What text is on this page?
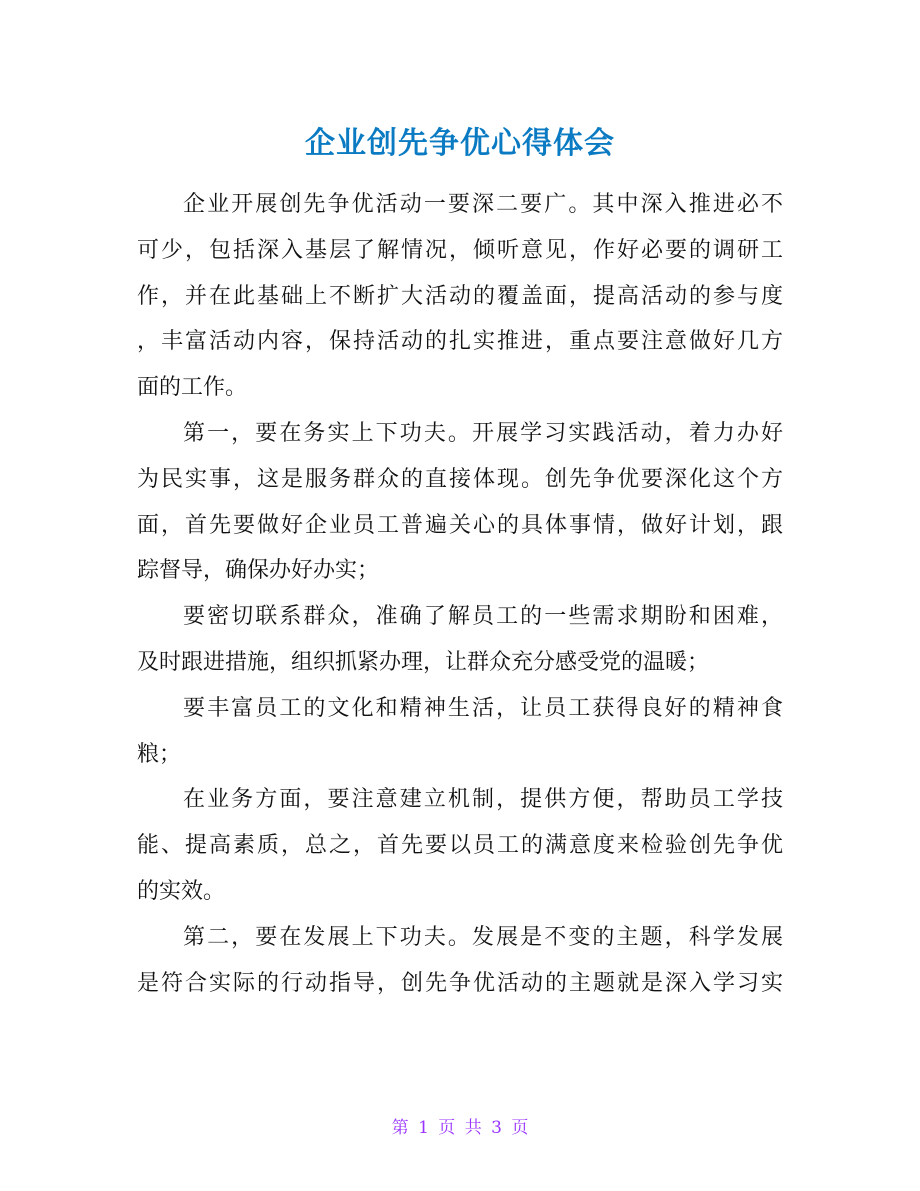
企业创先争优心得体会
企业开展创先争优活动一要深二要广。其中深入推进必不
可少，包括深入基层了解情况，倾听意见，作好必要的调研工
作，并在此基础上不断扩大活动的覆盖面，提高活动的参与度
，丰富活动内容，保持活动的扎实推进，重点要注意做好几方
面的工作。
第一，要在务实上下功夫。开展学习实践活动，着力办好
为民实事，这是服务群众的直接体现。创先争优要深化这个方
面，首先要做好企业员工普遍关心的具体事情，做好计划，跟
踪督导，确保办好办实；
要密切联系群众，准确了解员工的一些需求期盼和困难，
及时跟进措施，组织抓紧办理，让群众充分感受党的温暖；
要丰富员工的文化和精神生活，让员工获得良好的精神食
粮；
在业务方面，要注意建立机制，提供方便，帮助员工学技
能、提高素质，总之，首先要以员工的满意度来检验创先争优
的实效。
第二，要在发展上下功夫。发展是不变的主题，科学发展
是符合实际的行动指导，创先争优活动的主题就是深入学习实
第 1 页 共 3 页
